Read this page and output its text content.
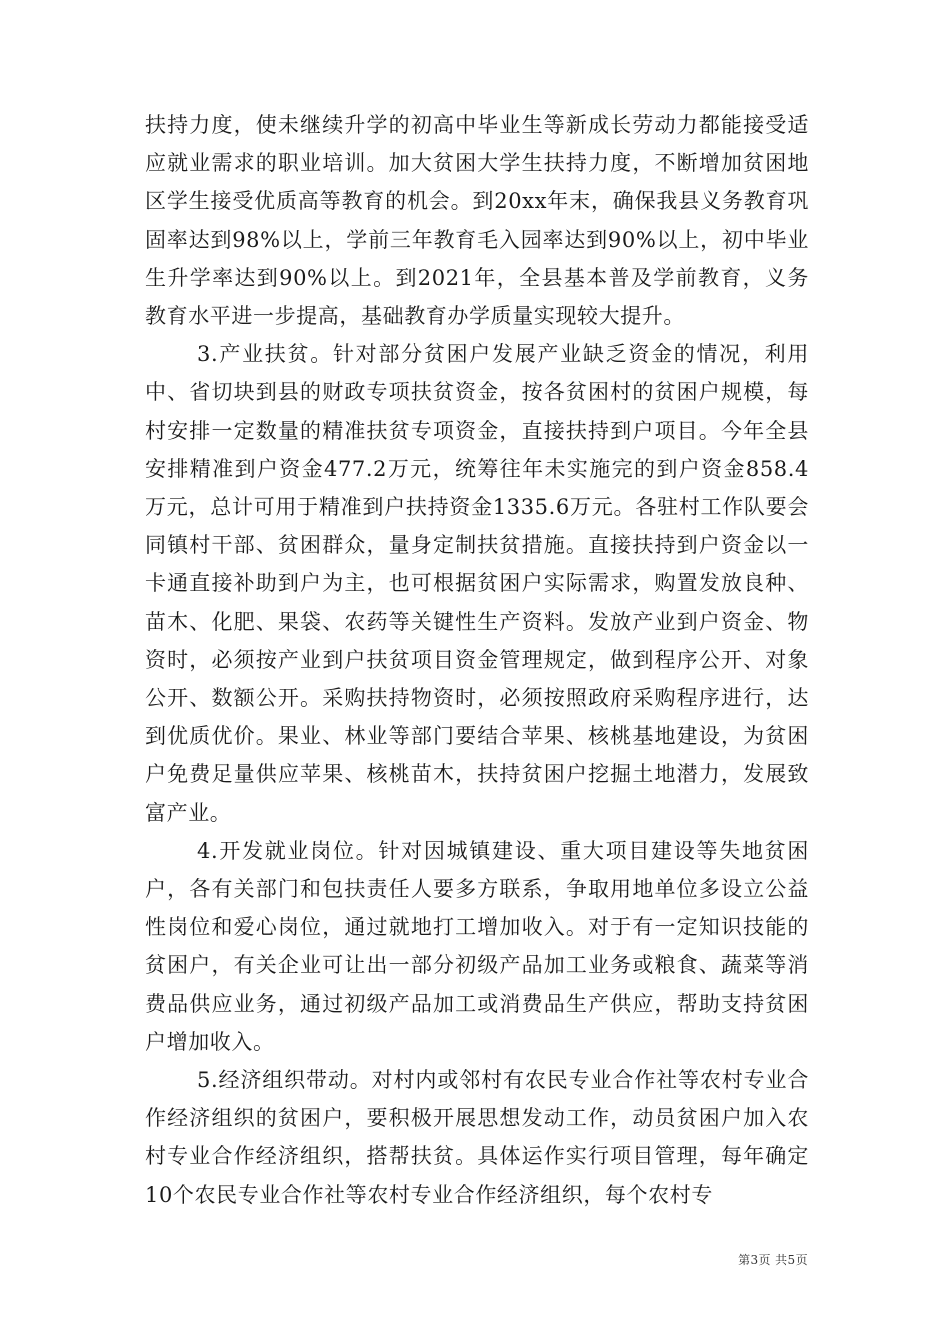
扶持力度，使未继续升学的初高中毕业生等新成长劳动力都能接受适应就业需求的职业培训。加大贫困大学生扶持力度，不断增加贫困地区学生接受优质高等教育的机会。到20xx年末，确保我县义务教育巩固率达到98%以上，学前三年教育毛入园率达到90%以上，初中毕业生升学率达到90%以上。到2021年，全县基本普及学前教育，义务教育水平进一步提高，基础教育办学质量实现较大提升。

3.产业扶贫。针对部分贫困户发展产业缺乏资金的情况，利用中、省切块到县的财政专项扶贫资金，按各贫困村的贫困户规模，每村安排一定数量的精准扶贫专项资金，直接扶持到户项目。今年全县安排精准到户资金477.2万元，统筹往年未实施完的到户资金858.4万元，总计可用于精准到户扶持资金1335.6万元。各驻村工作队要会同镇村干部、贫困群众，量身定制扶贫措施。直接扶持到户资金以一卡通直接补助到户为主，也可根据贫困户实际需求，购置发放良种、苗木、化肥、果袋、农药等关键性生产资料。发放产业到户资金、物资时，必须按产业到户扶贫项目资金管理规定，做到程序公开、对象公开、数额公开。采购扶持物资时，必须按照政府采购程序进行，达到优质优价。果业、林业等部门要结合苹果、核桃基地建设，为贫困户免费足量供应苹果、核桃苗木，扶持贫困户挖掘土地潜力，发展致富产业。

4.开发就业岗位。针对因城镇建设、重大项目建设等失地贫困户，各有关部门和包扶责任人要多方联系，争取用地单位多设立公益性岗位和爱心岗位，通过就地打工增加收入。对于有一定知识技能的贫困户，有关企业可让出一部分初级产品加工业务或粮食、蔬菜等消费品供应业务，通过初级产品加工或消费品生产供应，帮助支持贫困户增加收入。

5.经济组织带动。对村内或邻村有农民专业合作社等农村专业合作经济组织的贫困户，要积极开展思想发动工作，动员贫困户加入农村专业合作经济组织，搭帮扶贫。具体运作实行项目管理，每年确定10个农民专业合作社等农村专业合作经济组织，每个农村专

第3页 共5页
